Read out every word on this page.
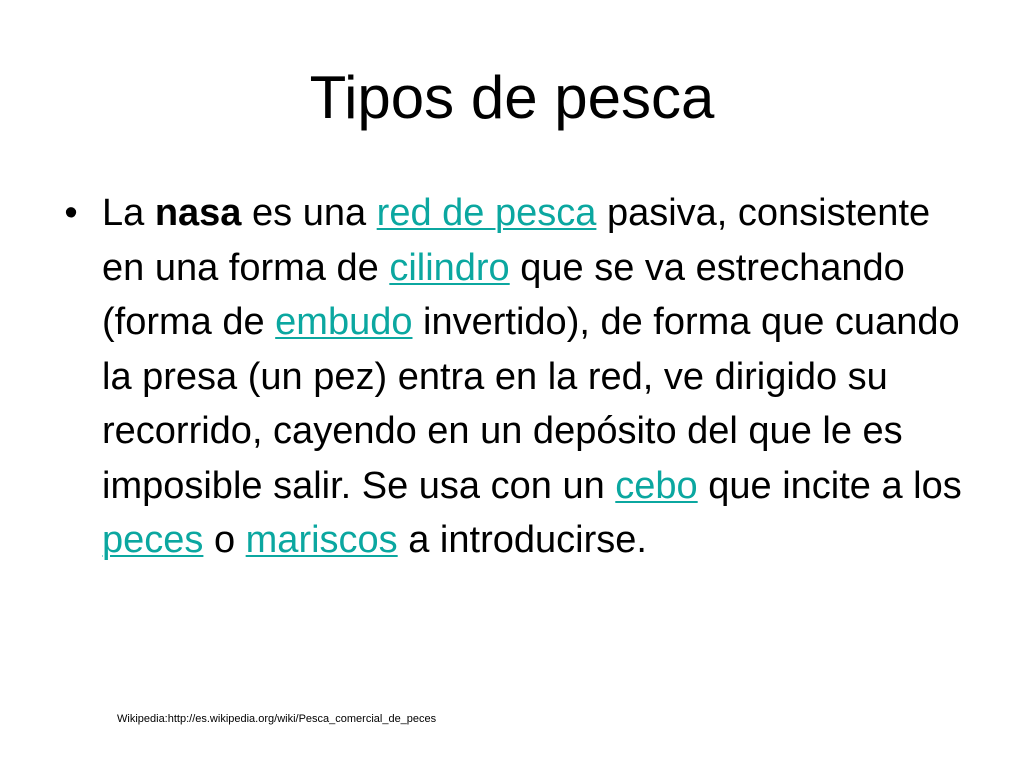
Tipos de pesca
• La nasa es una red de pesca pasiva, consistente en una forma de cilindro que se va estrechando (forma de embudo invertido), de forma que cuando la presa (un pez) entra en la red, ve dirigido su recorrido, cayendo en un depósito del que le es imposible salir. Se usa con un cebo que incite a los peces o mariscos a introducirse.
Wikipedia:http://es.wikipedia.org/wiki/Pesca_comercial_de_peces
